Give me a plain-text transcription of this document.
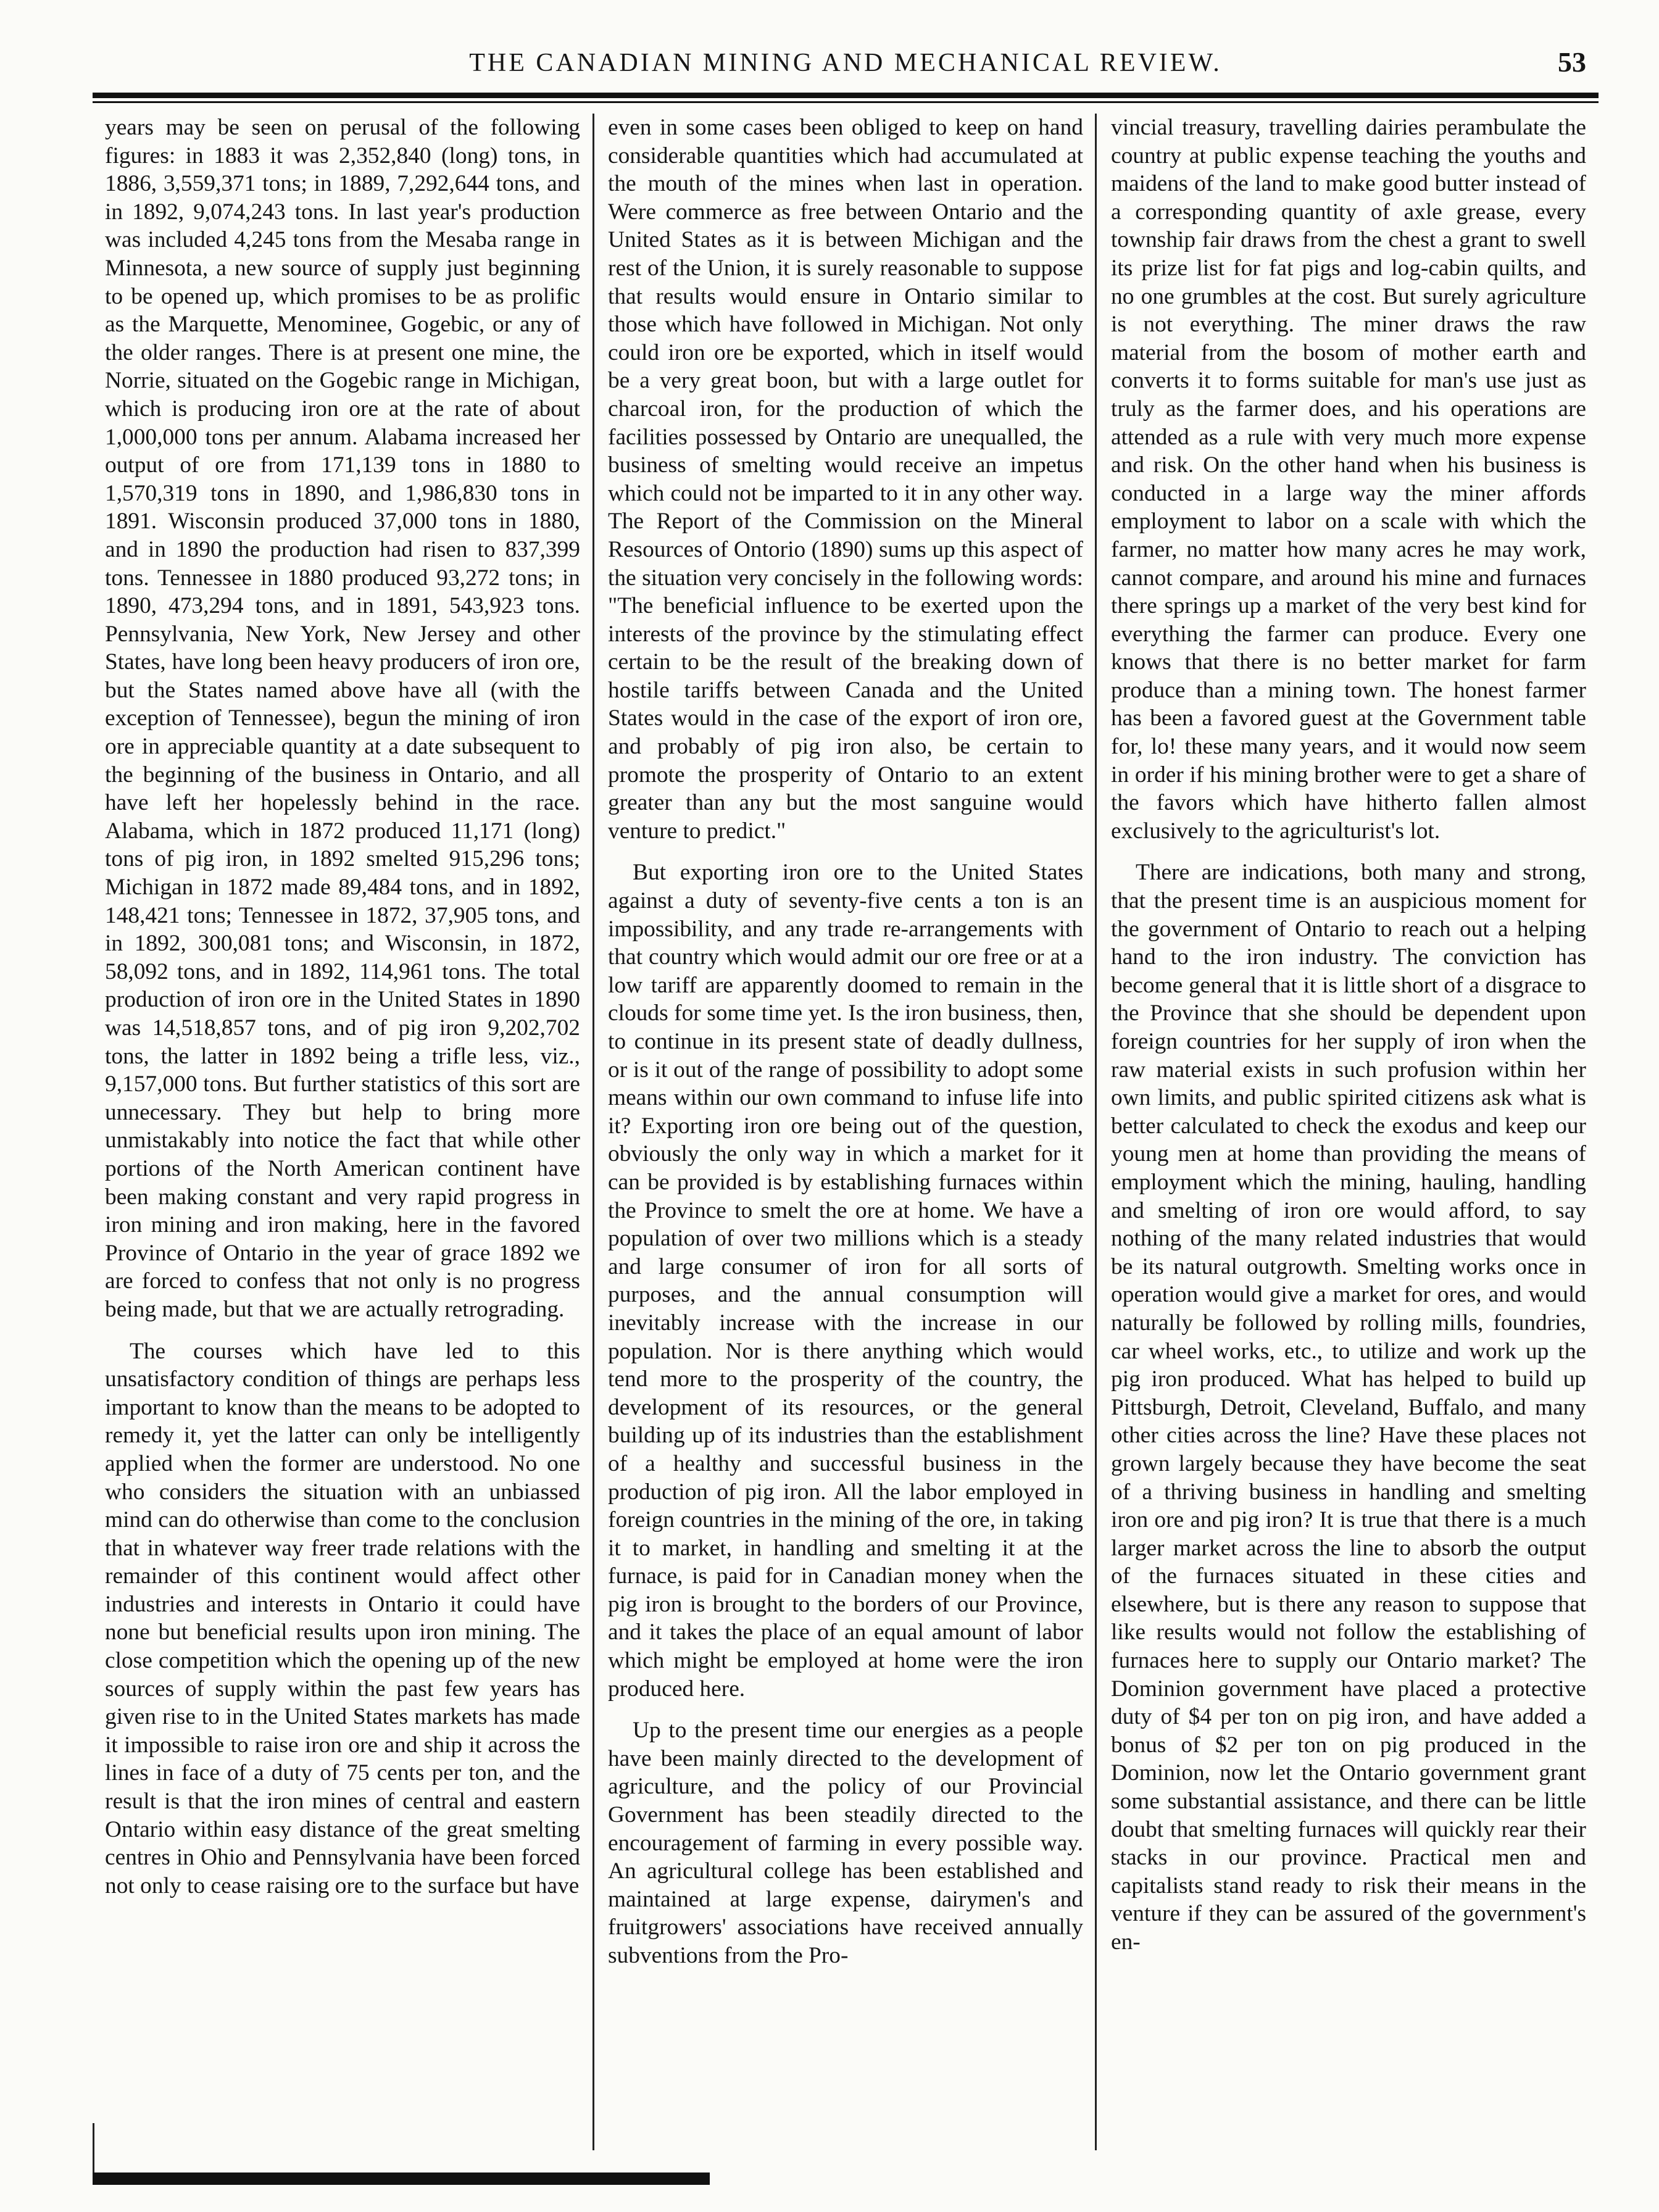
THE CANADIAN MINING AND MECHANICAL REVIEW.	53

years may be seen on perusal of the following figures: in 1883 it was 2,352,840 (long) tons, in 1886, 3,559,371 tons; in 1889, 7,292,644 tons, and in 1892, 9,074,243 tons. In last year's production was included 4,245 tons from the Mesaba range in Minnesota, a new source of supply just beginning to be opened up, which promises to be as prolific as the Marquette, Menominee, Gogebic, or any of the older ranges. There is at present one mine, the Norrie, situated on the Gogebic range in Michigan, which is producing iron ore at the rate of about 1,000,000 tons per annum. Alabama increased her output of ore from 171,139 tons in 1880 to 1,570,319 tons in 1890, and 1,986,830 tons in 1891. Wisconsin produced 37,000 tons in 1880, and in 1890 the production had risen to 837,399 tons. Tennessee in 1880 produced 93,272 tons; in 1890, 473,294 tons, and in 1891, 543,923 tons. Pennsylvania, New York, New Jersey and other States, have long been heavy producers of iron ore, but the States named above have all (with the exception of Tennessee), begun the mining of iron ore in appreciable quantity at a date subsequent to the beginning of the business in Ontario, and all have left her hopelessly behind in the race. Alabama, which in 1872 produced 11,171 (long) tons of pig iron, in 1892 smelted 915,296 tons; Michigan in 1872 made 89,484 tons, and in 1892, 148,421 tons; Tennessee in 1872, 37,905 tons, and in 1892, 300,081 tons; and Wisconsin, in 1872, 58,092 tons, and in 1892, 114,961 tons. The total production of iron ore in the United States in 1890 was 14,518,857 tons, and of pig iron 9,202,702 tons, the latter in 1892 being a trifle less, viz., 9,157,000 tons. But further statistics of this sort are unnecessary. They but help to bring more unmistakably into notice the fact that while other portions of the North American continent have been making constant and very rapid progress in iron mining and iron making, here in the favored Province of Ontario in the year of grace 1892 we are forced to confess that not only is no progress being made, but that we are actually retrograding.

The courses which have led to this unsatisfactory condition of things are perhaps less important to know than the means to be adopted to remedy it, yet the latter can only be intelligently applied when the former are understood. No one who considers the situation with an unbiassed mind can do otherwise than come to the conclusion that in whatever way freer trade relations with the remainder of this continent would affect other industries and interests in Ontario it could have none but beneficial results upon iron mining. The close competition which the opening up of the new sources of supply within the past few years has given rise to in the United States markets has made it impossible to raise iron ore and ship it across the lines in face of a duty of 75 cents per ton, and the result is that the iron mines of central and eastern Ontario within easy distance of the great smelting centres in Ohio and Pennsylvania have been forced not only to cease raising ore to the surface but have

even in some cases been obliged to keep on hand considerable quantities which had accumulated at the mouth of the mines when last in operation. Were commerce as free between Ontario and the United States as it is between Michigan and the rest of the Union, it is surely reasonable to suppose that results would ensure in Ontario similar to those which have followed in Michigan. Not only could iron ore be exported, which in itself would be a very great boon, but with a large outlet for charcoal iron, for the production of which the facilities possessed by Ontario are unequalled, the business of smelting would receive an impetus which could not be imparted to it in any other way. The Report of the Commission on the Mineral Resources of Ontorio (1890) sums up this aspect of the situation very concisely in the following words: "The beneficial influence to be exerted upon the interests of the province by the stimulating effect certain to be the result of the breaking down of hostile tariffs between Canada and the United States would in the case of the export of iron ore, and probably of pig iron also, be certain to promote the prosperity of Ontario to an extent greater than any but the most sanguine would venture to predict."

But exporting iron ore to the United States against a duty of seventy-five cents a ton is an impossibility, and any trade re-arrangements with that country which would admit our ore free or at a low tariff are apparently doomed to remain in the clouds for some time yet. Is the iron business, then, to continue in its present state of deadly dullness, or is it out of the range of possibility to adopt some means within our own command to infuse life into it? Exporting iron ore being out of the question, obviously the only way in which a market for it can be provided is by establishing furnaces within the Province to smelt the ore at home. We have a population of over two millions which is a steady and large consumer of iron for all sorts of purposes, and the annual consumption will inevitably increase with the increase in our population. Nor is there anything which would tend more to the prosperity of the country, the development of its resources, or the general building up of its industries than the establishment of a healthy and successful business in the production of pig iron. All the labor employed in foreign countries in the mining of the ore, in taking it to market, in handling and smelting it at the furnace, is paid for in Canadian money when the pig iron is brought to the borders of our Province, and it takes the place of an equal amount of labor which might be employed at home were the iron produced here.

Up to the present time our energies as a people have been mainly directed to the development of agriculture, and the policy of our Provincial Government has been steadily directed to the encouragement of farming in every possible way. An agricultural college has been established and maintained at large expense, dairymen's and fruitgrowers' associations have received annually subventions from the Pro-

vincial treasury, travelling dairies perambulate the country at public expense teaching the youths and maidens of the land to make good butter instead of a corresponding quantity of axle grease, every township fair draws from the chest a grant to swell its prize list for fat pigs and log-cabin quilts, and no one grumbles at the cost. But surely agriculture is not everything. The miner draws the raw material from the bosom of mother earth and converts it to forms suitable for man's use just as truly as the farmer does, and his operations are attended as a rule with very much more expense and risk. On the other hand when his business is conducted in a large way the miner affords employment to labor on a scale with which the farmer, no matter how many acres he may work, cannot compare, and around his mine and furnaces there springs up a market of the very best kind for everything the farmer can produce. Every one knows that there is no better market for farm produce than a mining town. The honest farmer has been a favored guest at the Government table for, lo! these many years, and it would now seem in order if his mining brother were to get a share of the favors which have hitherto fallen almost exclusively to the agriculturist's lot.

There are indications, both many and strong, that the present time is an auspicious moment for the government of Ontario to reach out a helping hand to the iron industry. The conviction has become general that it is little short of a disgrace to the Province that she should be dependent upon foreign countries for her supply of iron when the raw material exists in such profusion within her own limits, and public spirited citizens ask what is better calculated to check the exodus and keep our young men at home than providing the means of employment which the mining, hauling, handling and smelting of iron ore would afford, to say nothing of the many related industries that would be its natural outgrowth. Smelting works once in operation would give a market for ores, and would naturally be followed by rolling mills, foundries, car wheel works, etc., to utilize and work up the pig iron produced. What has helped to build up Pittsburgh, Detroit, Cleveland, Buffalo, and many other cities across the line? Have these places not grown largely because they have become the seat of a thriving business in handling and smelting iron ore and pig iron? It is true that there is a much larger market across the line to absorb the output of the furnaces situated in these cities and elsewhere, but is there any reason to suppose that like results would not follow the establishing of furnaces here to supply our Ontario market? The Dominion government have placed a protective duty of $4 per ton on pig iron, and have added a bonus of $2 per ton on pig produced in the Dominion, now let the Ontario government grant some substantial assistance, and there can be little doubt that smelting furnaces will quickly rear their stacks in our province. Practical men and capitalists stand ready to risk their means in the venture if they can be assured of the government's en-
